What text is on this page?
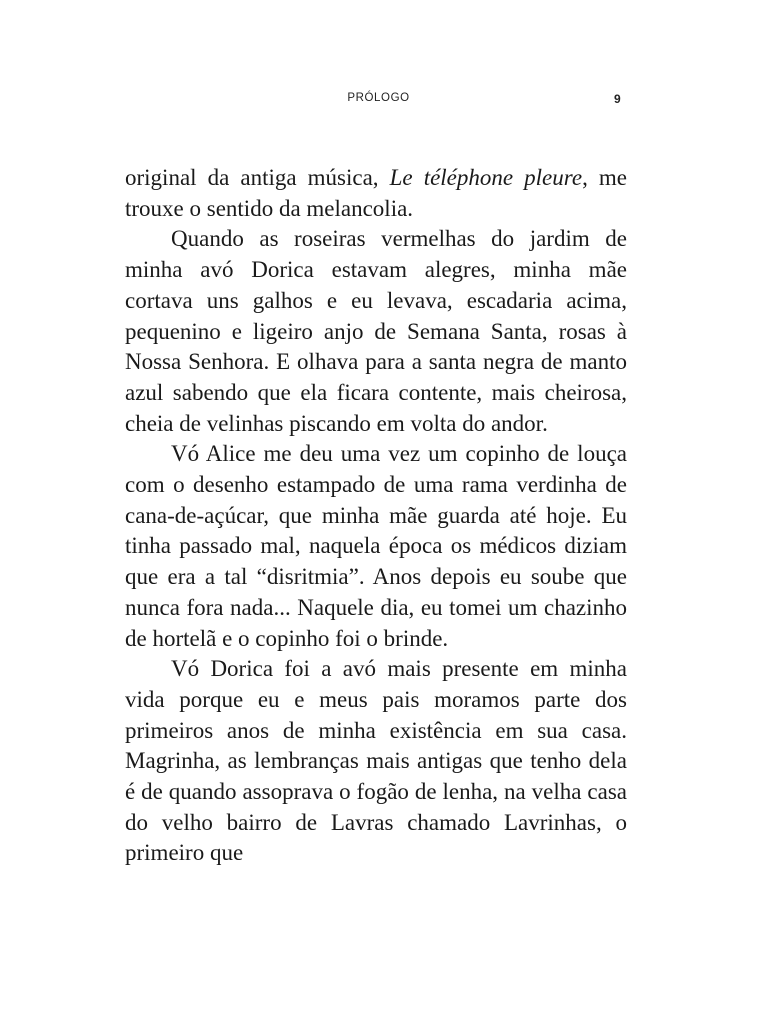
PRÓLOGO	9

original da antiga música, Le téléphone pleure, me trouxe o sentido da melancolia.

Quando as roseiras vermelhas do jardim de minha avó Dorica estavam alegres, minha mãe cortava uns galhos e eu levava, escadaria acima, pequenino e ligeiro anjo de Semana Santa, rosas à Nossa Senhora. E olhava para a santa negra de manto azul sabendo que ela ficara contente, mais cheirosa, cheia de velinhas piscando em volta do andor.

Vó Alice me deu uma vez um copinho de louça com o desenho estampado de uma rama verdinha de cana-de-açúcar, que minha mãe guarda até hoje. Eu tinha passado mal, naquela época os médicos diziam que era a tal “disritmia”. Anos depois eu soube que nunca fora nada... Naquele dia, eu tomei um chazinho de hortelã e o copinho foi o brinde.

Vó Dorica foi a avó mais presente em minha vida porque eu e meus pais moramos parte dos primeiros anos de minha existência em sua casa. Magrinha, as lembranças mais antigas que tenho dela é de quando assoprava o fogão de lenha, na velha casa do velho bairro de Lavras chamado Lavrinhas, o primeiro que
